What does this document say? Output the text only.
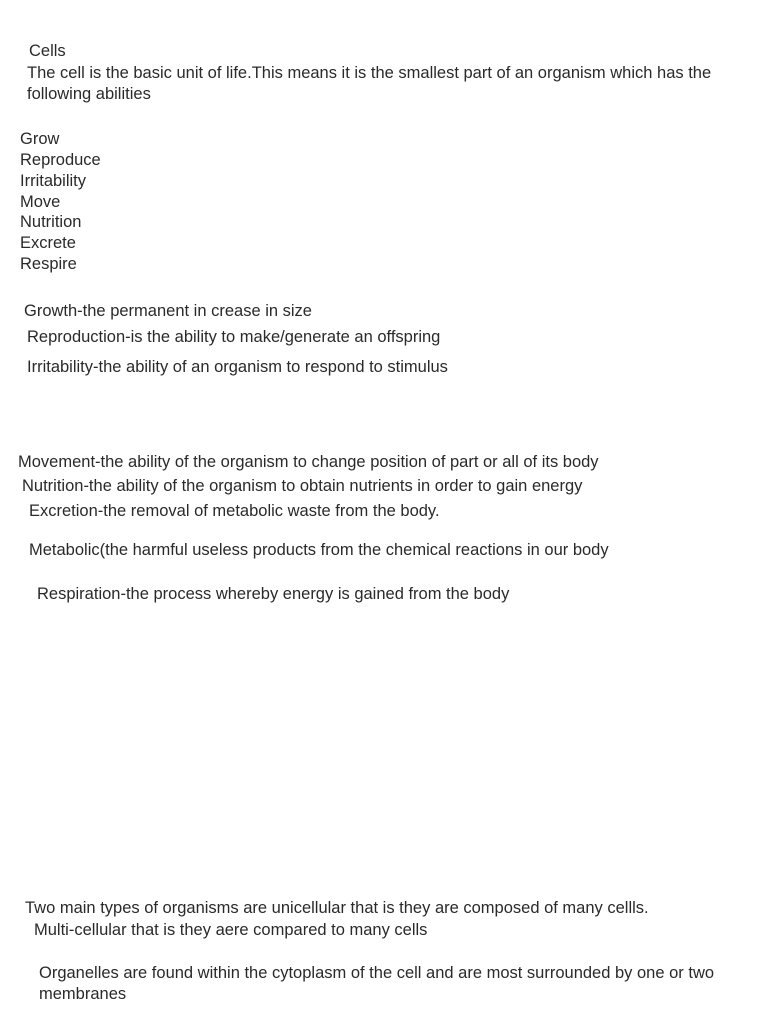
Cells
The cell is the basic unit of life.This means it is the smallest part of an organism which has the following abilities
Grow
Reproduce
Irritability
Move
Nutrition
Excrete
Respire
Growth-the permanent in crease in size
Reproduction-is the ability to make/generate an offspring
Irritability-the ability of an organism to respond to stimulus
Movement-the ability of the organism to change position of part or all of its body
Nutrition-the ability of the organism to obtain nutrients in order to gain energy
Excretion-the removal of metabolic waste from the body.
Metabolic(the harmful useless products from the chemical reactions in our body
Respiration-the process whereby energy is gained from the body
Two main types of organisms are unicellular that is they are composed of many cellls.
Multi-cellular that is they aere compared to many cells
Organelles are found within the cytoplasm of the cell and are most surrounded by one or two membranes
